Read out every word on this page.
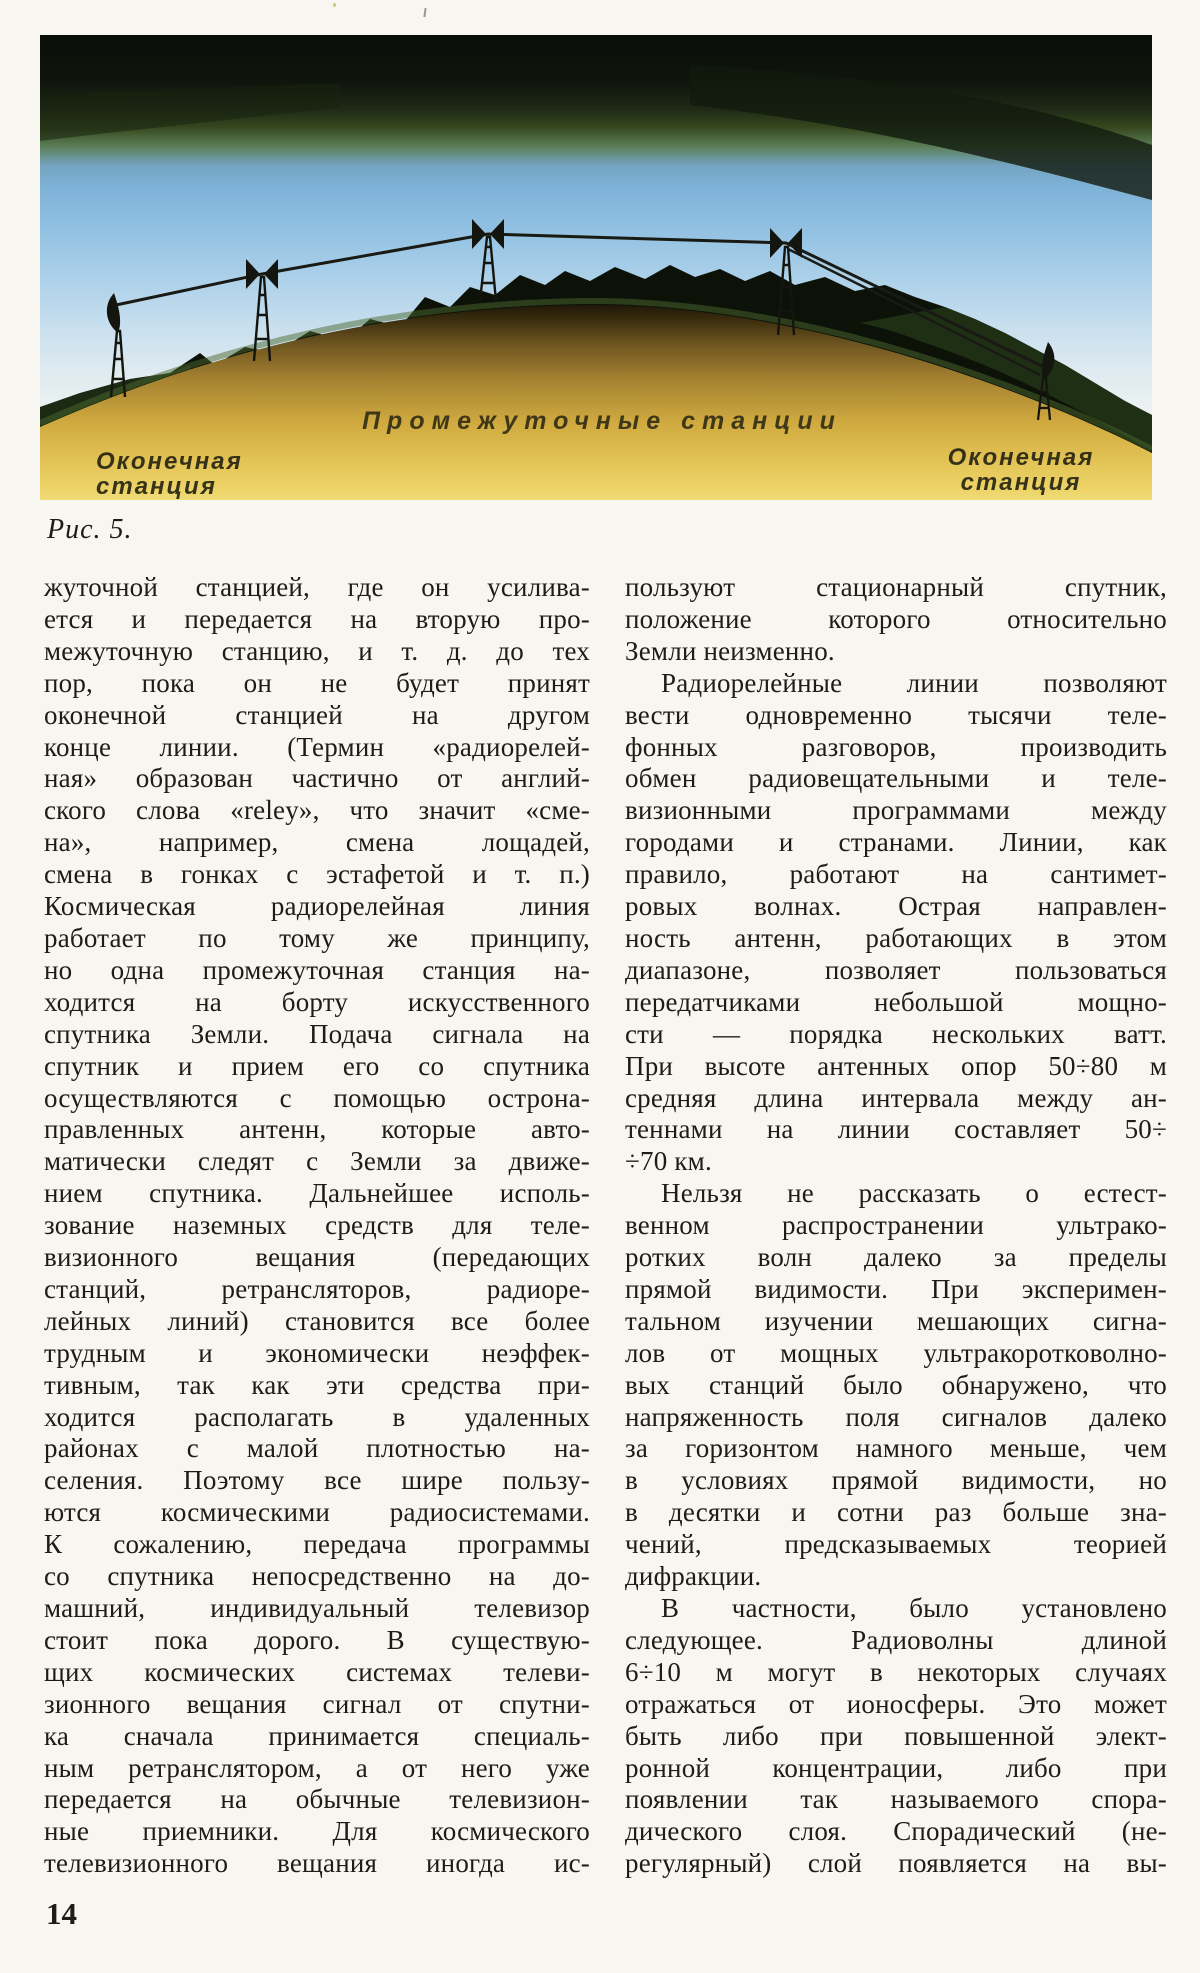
Промежуточные станции
Оконечная
станция
Оконечная
станция
Рис. 5.
жуточной станцией, где он усилива-
ется и передается на вторую про-
межуточную станцию, и т. д. до тех
пор, пока он не будет принят
оконечной станцией на другом
конце линии. (Термин «радиорелей-
ная» образован частично от англий-
ского слова «reley», что значит «сме-
на», например, смена лощадей,
смена в гонках с эстафетой и т. п.)
Космическая радиорелейная линия
работает по тому же принципу,
но одна промежуточная станция на-
ходится на борту искусственного
спутника Земли. Подача сигнала на
спутник и прием его со спутника
осуществляются с помощью острона-
правленных антенн, которые авто-
матически следят с Земли за движе-
нием спутника. Дальнейшее исполь-
зование наземных средств для теле-
визионного вещания (передающих
станций, ретрансляторов, радиоре-
лейных линий) становится все более
трудным и экономически неэффек-
тивным, так как эти средства при-
ходится располагать в удаленных
районах с малой плотностью на-
селения. Поэтому все шире пользу-
ются космическими радиосистемами.
К сожалению, передача программы
со спутника непосредственно на до-
машний, индивидуальный телевизор
стоит пока дорого. В существую-
щих космических системах телеви-
зионного вещания сигнал от спутни-
ка сначала принимается специаль-
ным ретранслятором, а от него уже
передается на обычные телевизион-
ные приемники. Для космического
телевизионного вещания иногда ис-
пользуют стационарный спутник,
положение которого относительно
Земли неизменно.
Радиорелейные линии позволяют
вести одновременно тысячи теле-
фонных разговоров, производить
обмен радиовещательными и теле-
визионными программами между
городами и странами. Линии, как
правило, работают на сантимет-
ровых волнах. Острая направлен-
ность антенн, работающих в этом
диапазоне, позволяет пользоваться
передатчиками небольшой мощно-
сти — порядка нескольких ватт.
При высоте антенных опор 50÷80 м
средняя длина интервала между ан-
теннами на линии составляет 50÷
÷70 км.
Нельзя не рассказать о естест-
венном распространении ультрако-
ротких волн далеко за пределы
прямой видимости. При эксперимен-
тальном изучении мешающих сигна-
лов от мощных ультракоротковолно-
вых станций было обнаружено, что
напряженность поля сигналов далеко
за горизонтом намного меньше, чем
в условиях прямой видимости, но
в десятки и сотни раз больше зна-
чений, предсказываемых теорией
дифракции.
В частности, было установлено
следующее. Радиоволны длиной
6÷10 м могут в некоторых случаях
отражаться от ионосферы. Это может
быть либо при повышенной элект-
ронной концентрации, либо при
появлении так называемого спора-
дического слоя. Спорадический (не-
регулярный) слой появляется на вы-
14
